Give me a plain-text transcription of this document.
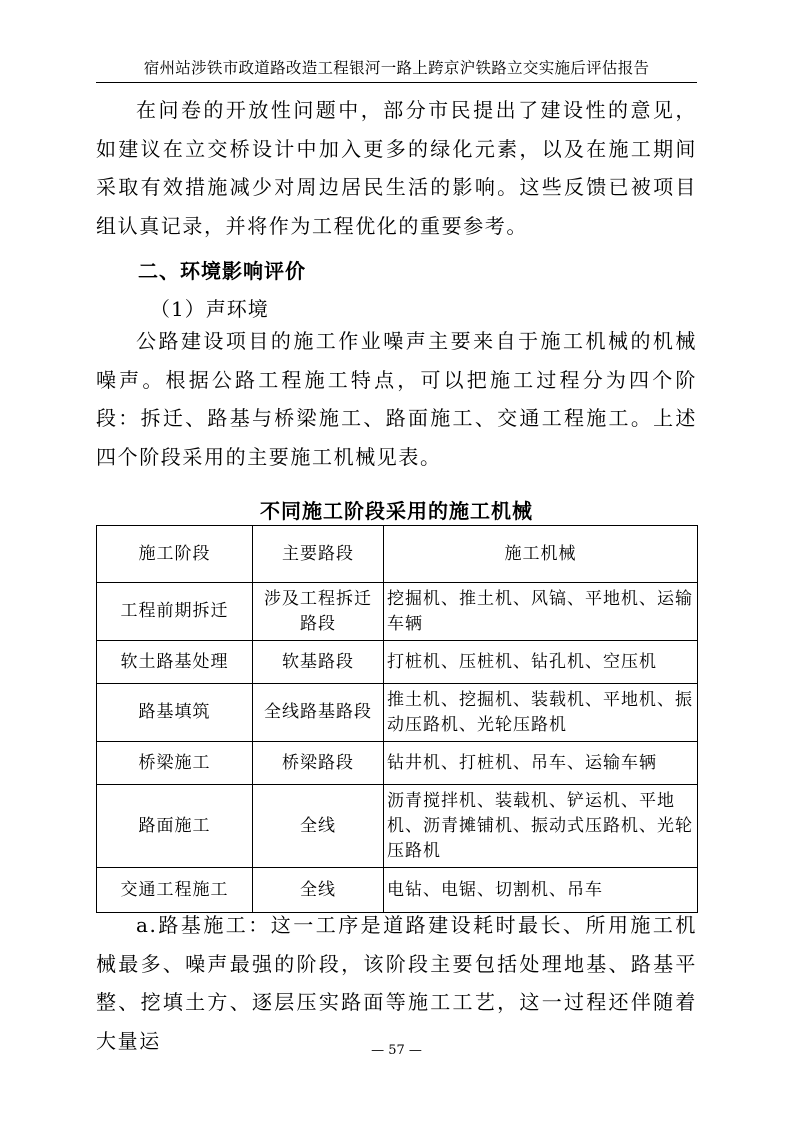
宿州站涉铁市政道路改造工程银河一路上跨京沪铁路立交实施后评估报告

在问卷的开放性问题中，部分市民提出了建设性的意见，如建议在立交桥设计中加入更多的绿化元素，以及在施工期间采取有效措施减少对周边居民生活的影响。这些反馈已被项目组认真记录，并将作为工程优化的重要参考。

二、环境影响评价
（1）声环境

公路建设项目的施工作业噪声主要来自于施工机械的机械噪声。根据公路工程施工特点，可以把施工过程分为四个阶段：拆迁、路基与桥梁施工、路面施工、交通工程施工。上述四个阶段采用的主要施工机械见表。

不同施工阶段采用的施工机械
施工阶段	主要路段	施工机械
工程前期拆迁	涉及工程拆迁路段	挖掘机、推土机、风镐、平地机、运输车辆
软土路基处理	软基路段	打桩机、压桩机、钻孔机、空压机
路基填筑	全线路基路段	推土机、挖掘机、装载机、平地机、振动压路机、光轮压路机
桥梁施工	桥梁路段	钻井机、打桩机、吊车、运输车辆
路面施工	全线	沥青搅拌机、装载机、铲运机、平地机、沥青摊铺机、振动式压路机、光轮压路机
交通工程施工	全线	电钻、电锯、切割机、吊车

a.路基施工：这一工序是道路建设耗时最长、所用施工机械最多、噪声最强的阶段，该阶段主要包括处理地基、路基平整、挖填土方、逐层压实路面等施工工艺，这一过程还伴随着大量运	— 57 —
